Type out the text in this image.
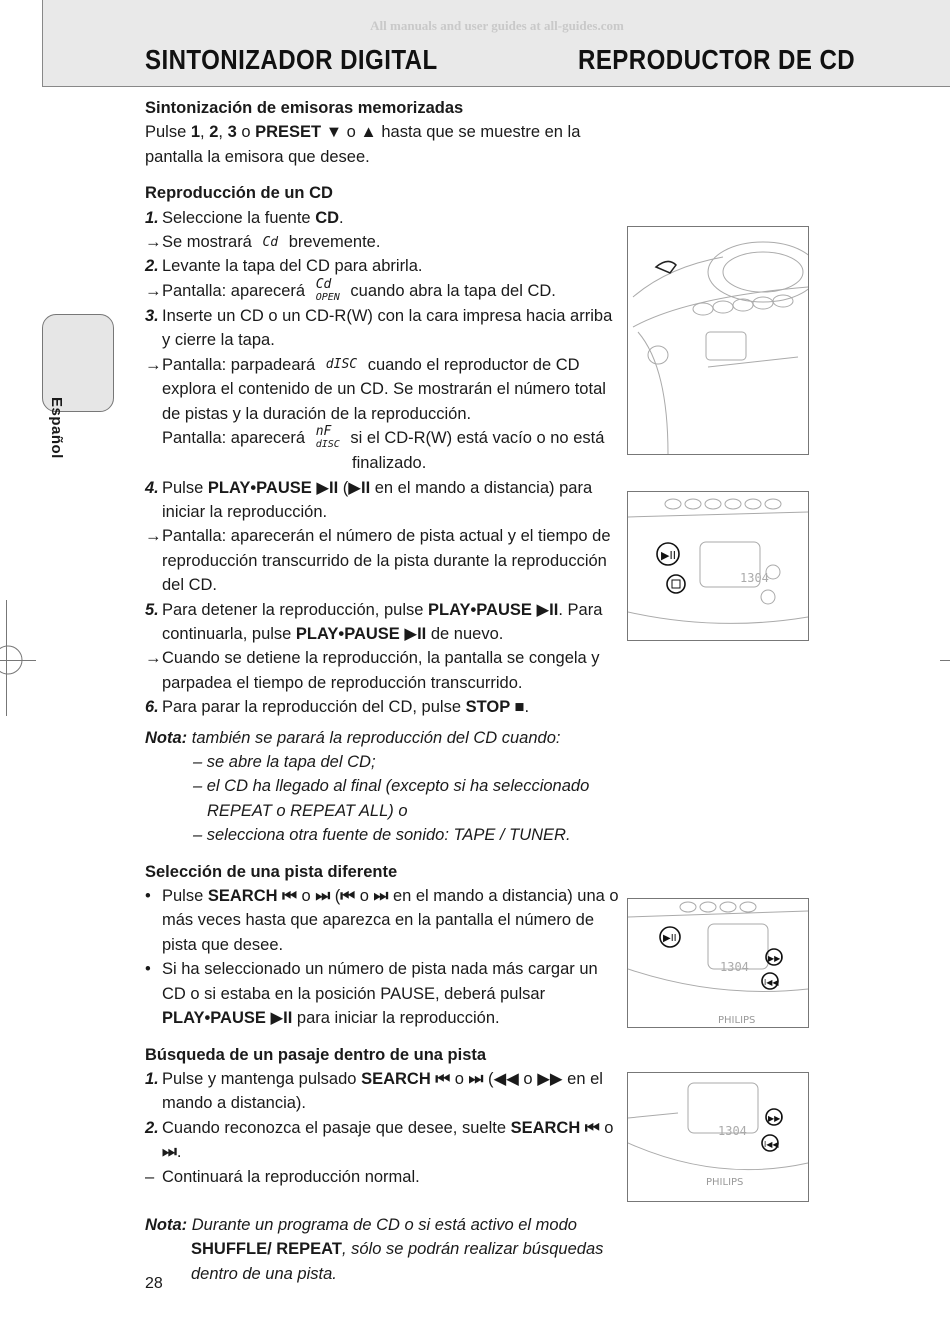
All manuals and user guides at all-guides.com
SINTONIZADOR DIGITAL	REPRODUCTOR DE CD
Español
Sintonización de emisoras memorizadas

Pulse 1, 2, 3 o PRESET ▼ o ▲ hasta que se muestre en la pantalla la emisora que desee.

Reproducción de un CD

1. Seleccione la fuente CD.

→ Se mostrará Cd brevemente.

2. Levante la tapa del CD para abrirla.

→ Pantalla: aparecerá Cd
OPEN cuando abra la tapa del CD.

3. Inserte un CD o un CD-R(W) con la cara impresa hacia arriba y cierre la tapa.

→ Pantalla: parpadeará dISC cuando el reproductor de CD explora el contenido de un CD. Se mostrarán el número total de pistas y la duración de la reproducción.

Pantalla: aparecerá nF
dISC si el CD-R(W) está vacío o no está
finalizado.

4. Pulse PLAY•PAUSE ▶II (▶II en el mando a distancia) para iniciar la reproducción.

→ Pantalla: aparecerán el número de pista actual y el tiempo de reproducción transcurrido de la pista durante la reproducción del CD.

5. Para detener la reproducción, pulse PLAY•PAUSE ▶II. Para continuarla, pulse PLAY•PAUSE ▶II de nuevo.

→ Cuando se detiene la reproducción, la pantalla se congela y parpadea el tiempo de reproducción transcurrido.

6. Para parar la reproducción del CD, pulse STOP ■.

Nota: también se parará la reproducción del CD cuando:

– se abre la tapa del CD;

– el CD ha llegado al final (excepto si ha seleccionado

REPEAT o REPEAT ALL) o

– selecciona otra fuente de sonido: TAPE / TUNER.

Selección de una pista diferente

• Pulse SEARCH ⏮ o ⏭ (⏮ o ⏭ en el mando a distancia) una o más veces hasta que aparezca en la pantalla el número de pista que desee.

• Si ha seleccionado un número de pista nada más cargar un CD o si estaba en la posición PAUSE, deberá pulsar PLAY•PAUSE ▶II para iniciar la reproducción.

Búsqueda de un pasaje dentro de una pista

1. Pulse y mantenga pulsado SEARCH ⏮ o ⏭ (◀◀ o ▶▶ en el mando a distancia).

2. Cuando reconozca el pasaje que desee, suelte SEARCH ⏮ o ⏭.

– Continuará la reproducción normal.

Nota: Durante un programa de CD o si está activo el modo
SHUFFLE/ REPEAT, sólo se podrán realizar búsquedas
dentro de una pista.

28
1304
▶II
1304
PHILIPS
▶II
▶▶I
I◀◀
1304
PHILIPS
▶▶I
I◀◀
